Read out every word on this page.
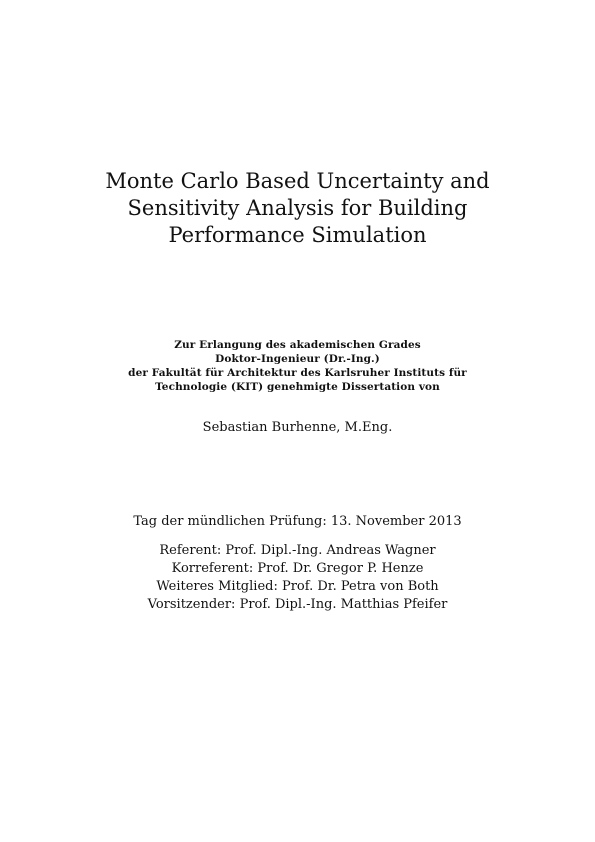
Monte Carlo Based Uncertainty and
Sensitivity Analysis for Building
Performance Simulation
Zur Erlangung des akademischen Grades
Doktor-Ingenieur (Dr.-Ing.)
der Fakultät für Architektur des Karlsruher Instituts für
Technologie (KIT) genehmigte Dissertation von
Sebastian Burhenne, M.Eng.
Tag der mündlichen Prüfung: 13. November 2013
Referent: Prof. Dipl.-Ing. Andreas Wagner
Korreferent: Prof. Dr. Gregor P. Henze
Weiteres Mitglied: Prof. Dr. Petra von Both
Vorsitzender: Prof. Dipl.-Ing. Matthias Pfeifer
